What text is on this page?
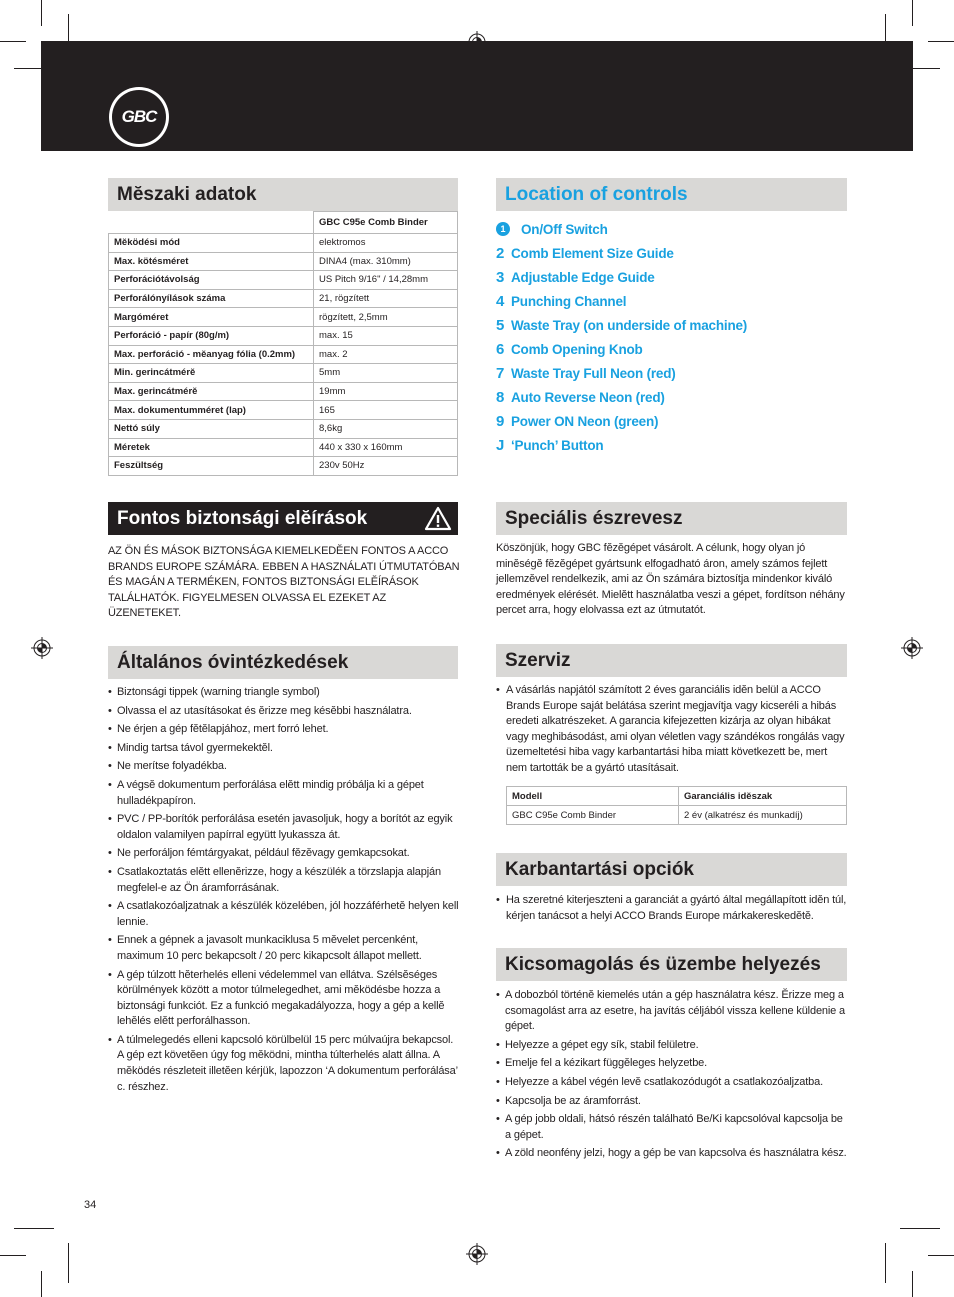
GBC
Mĕszaki adatok
	GBC C95e Comb Binder
Mĕködési mód	elektromos
Max. kötésméret	DINA4 (max. 310mm)
Perforációtávolság	US Pitch 9/16" / 14,28mm
Perforálónyílások száma	21, rögzített
Margóméret	rögzített, 2,5mm
Perforáció - papír (80g/m)	max. 15
Max. perforáció - mĕanyag fólia (0.2mm)	max. 2
Min. gerincátmérĕ	5mm
Max. gerincátmérĕ	19mm
Max. dokumentumméret (lap)	165
Nettó súly	8,6kg
Méretek	440 x 330 x 160mm
Feszültség	230v 50Hz
Location of controls
1	On/Off Switch
2 Comb Element Size Guide
3 Adjustable Edge Guide
4 Punching Channel
5 Waste Tray (on underside of machine)
6 Comb Opening Knob
7 Waste Tray Full Neon (red)
8 Auto Reverse Neon (red)
9 Power ON Neon (green)
J ‘Punch’ Button
Fontos biztonsági elĕírások
AZ ÖN ÉS MÁSOK BIZTONSÁGA KIEMELKEDĔEN FONTOS A ACCO BRANDS EUROPE SZÁMÁRA. EBBEN A HASZNÁLATI ÚTMUTATÓBAN ÉS MAGÁN A TERMÉKEN, FONTOS BIZTONSÁGI ELĔÍRÁSOK TALÁLHATÓK. FIGYELMESEN OLVASSA EL EZEKET AZ ÜZENETEKET.
Általános óvintézkedések
• Biztonsági tippek (warning triangle symbol)
• Olvassa el az utasításokat és ĕrizze meg késĕbbi használatra.
• Ne érjen a gép fĕtĕlapjához, mert forró lehet.
• Mindig tartsa távol gyermekektĕl.
• Ne merítse folyadékba.
• A végsĕ dokumentum perforálása elĕtt mindig próbálja ki a gépet hulladékpapíron.
• PVC / PP-borítók perforálása esetén javasoljuk, hogy a borítót az egyik oldalon valamilyen papírral együtt lyukassza át.
• Ne perforáljon fémtárgyakat, például fĕzĕvagy gemkapcsokat.
• Csatlakoztatás elĕtt ellenĕrizze, hogy a készülék a törzslapja alapján megfelel-e az Ön áramforrásának.
• A csatlakozóaljzatnak a készülék közelében, jól hozzáférhetĕ helyen kell lennie.
• Ennek a gépnek a javasolt munkaciklusa 5 mĕvelet percenként, maximum 10 perc bekapcsolt / 20 perc kikapcsolt állapot mellett.
• A gép túlzott hĕterhelés elleni védelemmel van ellátva. Szélsĕséges körülmények között a motor túlmelegedhet, ami mĕködésbe hozza a biztonsági funkciót. Ez a funkció megakadályozza, hogy a gép a kellĕ lehĕlés elĕtt perforálhasson.
• A túlmelegedés elleni kapcsoló körülbelül 15 perc múlvaújra bekapcsol. A gép ezt követĕen úgy fog mĕködni, mintha túlterhelés alatt állna. A mĕködés részleteit illetĕen kérjük, lapozzon ‘A dokumentum perforálása’ c. részhez.
Speciális észrevesz
Köszönjük, hogy GBC fĕzĕgépet vásárolt. A célunk, hogy olyan jó minĕségĕ fĕzĕgépet gyártsunk elfogadható áron, amely számos fejlett jellemzĕvel rendelkezik, ami az Ön számára biztosítja mindenkor kiváló eredmények elérését. Mielĕtt használatba veszi a gépet, fordítson néhány percet arra, hogy elolvassa ezt az útmutatót.
Szerviz
• A vásárlás napjától számított 2 éves garanciális idĕn belül a ACCO Brands Europe saját belátása szerint megjavítja vagy kicseréli a hibás eredeti alkatrészeket. A garancia kifejezetten kizárja az olyan hibákat vagy meghibásodást, ami olyan véletlen vagy szándékos rongálás vagy üzemeltetési hiba vagy karbantartási hiba miatt következett be, mert nem tartották be a gyártó utasításait.
Modell	Garanciális idĕszak
GBC C95e Comb Binder	2 év (alkatrész és munkadíj)
Karbantartási opciók
• Ha szeretné kiterjeszteni a garanciát a gyártó által megállapított idĕn túl, kérjen tanácsot a helyi ACCO Brands Europe márkakereskedĕtĕ.
Kicsomagolás és üzembe helyezés
• A dobozból történĕ kiemelés után a gép használatra kész. Ĕrizze meg a csomagolást arra az esetre, ha javítás céljából vissza kellene küldenie a gépet.
• Helyezze a gépet egy sík, stabil felületre.
• Emelje fel a kézikart függĕleges helyzetbe.
• Helyezze a kábel végén levĕ csatlakozódugót a csatlakozóaljzatba.
• Kapcsolja be az áramforrást.
• A gép jobb oldali, hátsó részén található Be/Ki kapcsolóval kapcsolja be a gépet.
• A zöld neonfény jelzi, hogy a gép be van kapcsolva és használatra kész.
34
